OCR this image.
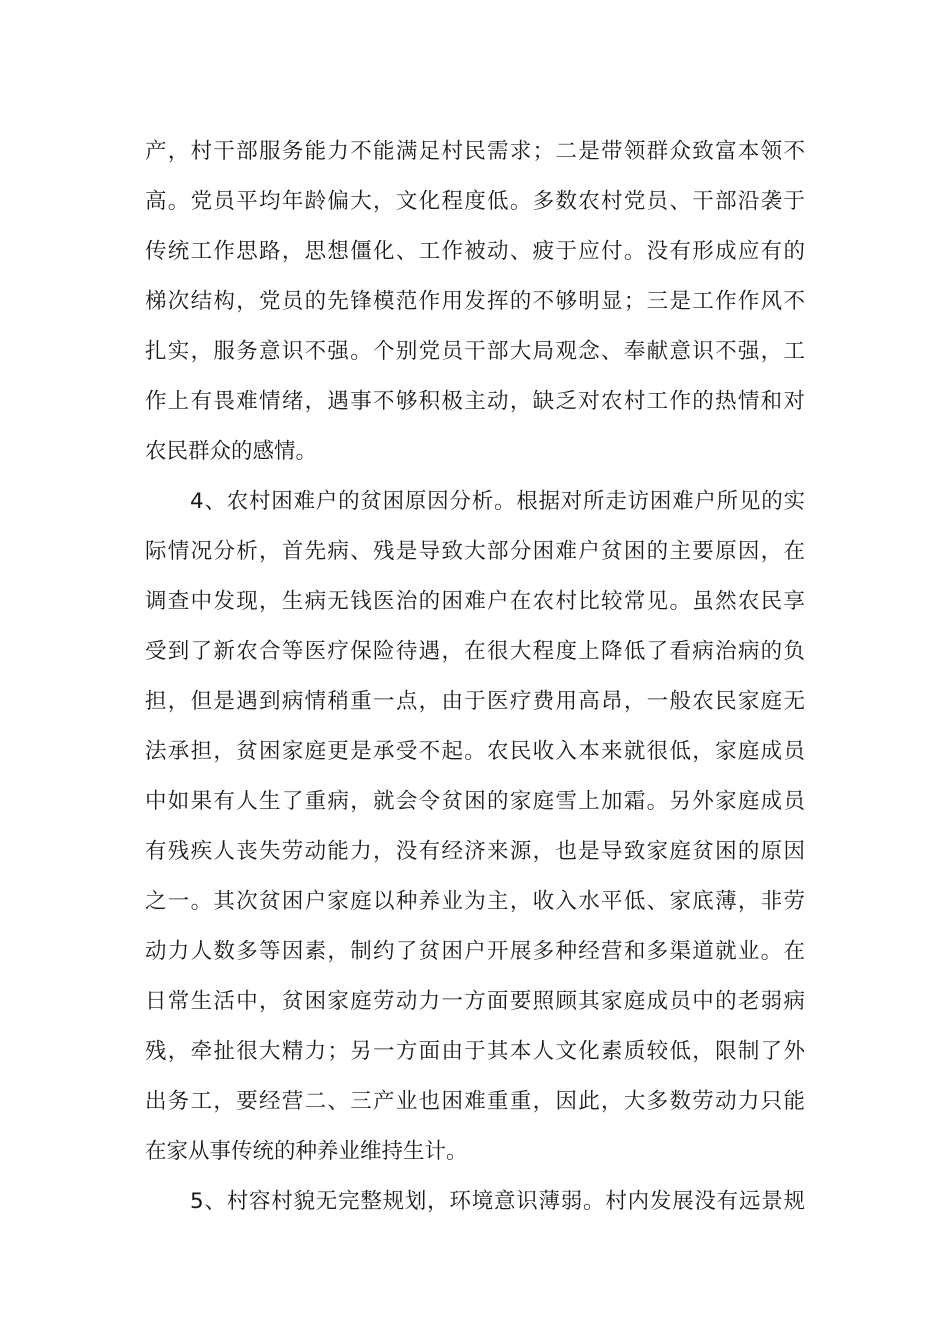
产，村干部服务能力不能满足村民需求；二是带领群众致富本领不
高。党员平均年龄偏大，文化程度低。多数农村党员、干部沿袭于
传统工作思路，思想僵化、工作被动、疲于应付。没有形成应有的
梯次结构，党员的先锋模范作用发挥的不够明显；三是工作作风不
扎实，服务意识不强。个别党员干部大局观念、奉献意识不强，工
作上有畏难情绪，遇事不够积极主动，缺乏对农村工作的热情和对
农民群众的感情。
4、农村困难户的贫困原因分析。根据对所走访困难户所见的实
际情况分析，首先病、残是导致大部分困难户贫困的主要原因，在
调查中发现，生病无钱医治的困难户在农村比较常见。虽然农民享
受到了新农合等医疗保险待遇，在很大程度上降低了看病治病的负
担，但是遇到病情稍重一点，由于医疗费用高昂，一般农民家庭无
法承担，贫困家庭更是承受不起。农民收入本来就很低，家庭成员
中如果有人生了重病，就会令贫困的家庭雪上加霜。另外家庭成员
有残疾人丧失劳动能力，没有经济来源，也是导致家庭贫困的原因
之一。其次贫困户家庭以种养业为主，收入水平低、家底薄，非劳
动力人数多等因素，制约了贫困户开展多种经营和多渠道就业。在
日常生活中，贫困家庭劳动力一方面要照顾其家庭成员中的老弱病
残，牵扯很大精力；另一方面由于其本人文化素质较低，限制了外
出务工，要经营二、三产业也困难重重，因此，大多数劳动力只能
在家从事传统的种养业维持生计。
5、村容村貌无完整规划，环境意识薄弱。村内发展没有远景规
